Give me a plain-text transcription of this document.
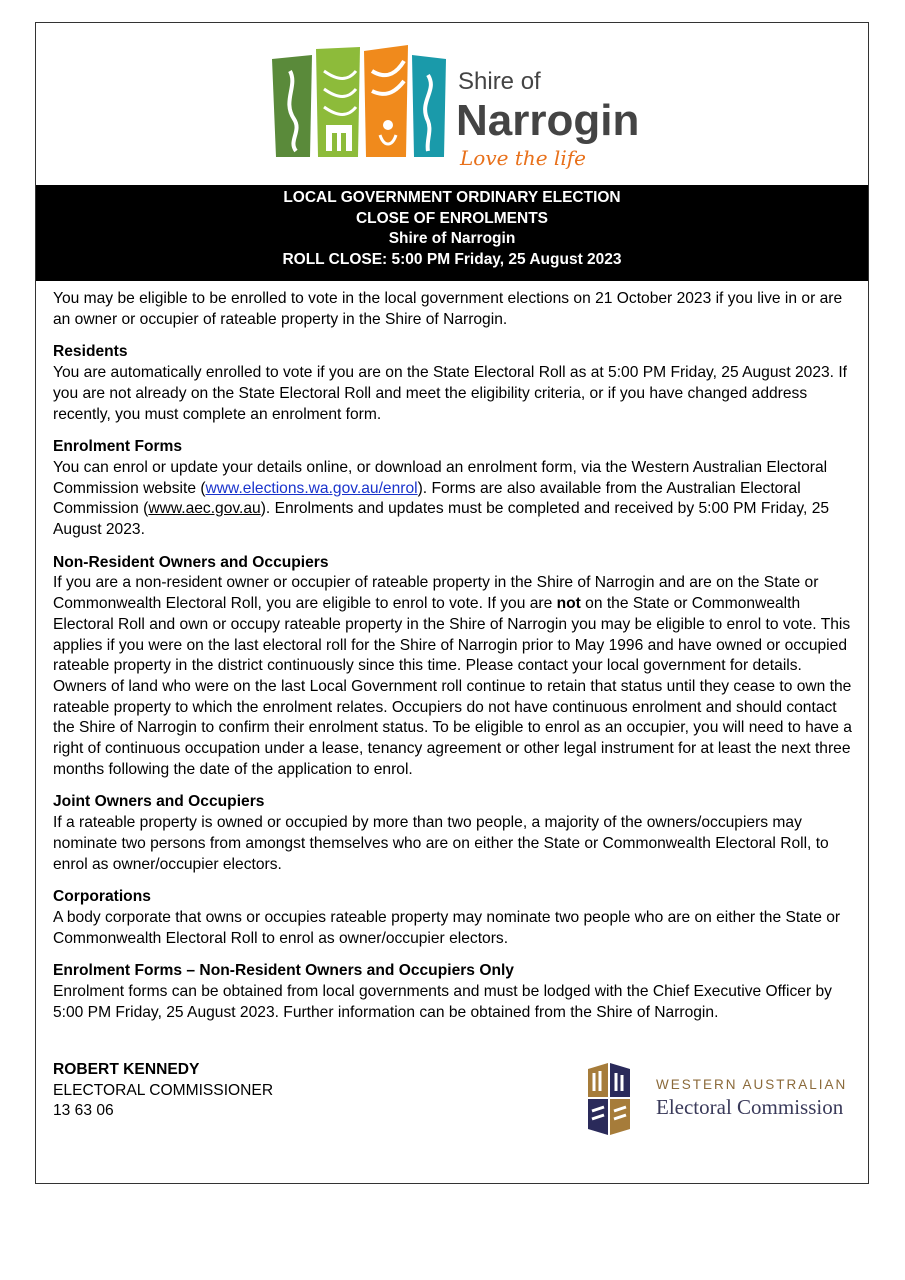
Shire of
Narrogin
Love the life
LOCAL GOVERNMENT ORDINARY ELECTION
CLOSE OF ENROLMENTS
Shire of Narrogin
ROLL CLOSE: 5:00 PM Friday, 25 August 2023

You may be eligible to be enrolled to vote in the local government elections on 21 October 2023 if you live in or are an owner or occupier of rateable property in the Shire of Narrogin.

Residents

You are automatically enrolled to vote if you are on the State Electoral Roll as at 5:00 PM Friday, 25 August 2023. If you are not already on the State Electoral Roll and meet the eligibility criteria, or if you have changed address recently, you must complete an enrolment form.

Enrolment Forms

You can enrol or update your details online, or download an enrolment form, via the Western Australian Electoral Commission website (www.elections.wa.gov.au/enrol). Forms are also available from the Australian Electoral Commission (www.aec.gov.au). Enrolments and updates must be completed and received by 5:00 PM Friday, 25 August 2023.

Non-Resident Owners and Occupiers

If you are a non-resident owner or occupier of rateable property in the Shire of Narrogin and are on the State or Commonwealth Electoral Roll, you are eligible to enrol to vote. If you are not on the State or Commonwealth Electoral Roll and own or occupy rateable property in the Shire of Narrogin you may be eligible to enrol to vote. This applies if you were on the last electoral roll for the Shire of Narrogin prior to May 1996 and have owned or occupied rateable property in the district continuously since this time. Please contact your local government for details. Owners of land who were on the last Local Government roll continue to retain that status until they cease to own the rateable property to which the enrolment relates. Occupiers do not have continuous enrolment and should contact the Shire of Narrogin to confirm their enrolment status. To be eligible to enrol as an occupier, you will need to have a right of continuous occupation under a lease, tenancy agreement or other legal instrument for at least the next three months following the date of the application to enrol.

Joint Owners and Occupiers

If a rateable property is owned or occupied by more than two people, a majority of the owners/occupiers may nominate two persons from amongst themselves who are on either the State or Commonwealth Electoral Roll, to enrol as owner/occupier electors.

Corporations

A body corporate that owns or occupies rateable property may nominate two people who are on either the State or Commonwealth Electoral Roll to enrol as owner/occupier electors.

Enrolment Forms – Non-Resident Owners and Occupiers Only

Enrolment forms can be obtained from local governments and must be lodged with the Chief Executive Officer by 5:00 PM Friday, 25 August 2023. Further information can be obtained from the Shire of Narrogin.

ROBERT KENNEDY
ELECTORAL COMMISSIONER
13 63 06
WESTERN AUSTRALIAN
Electoral Commission
